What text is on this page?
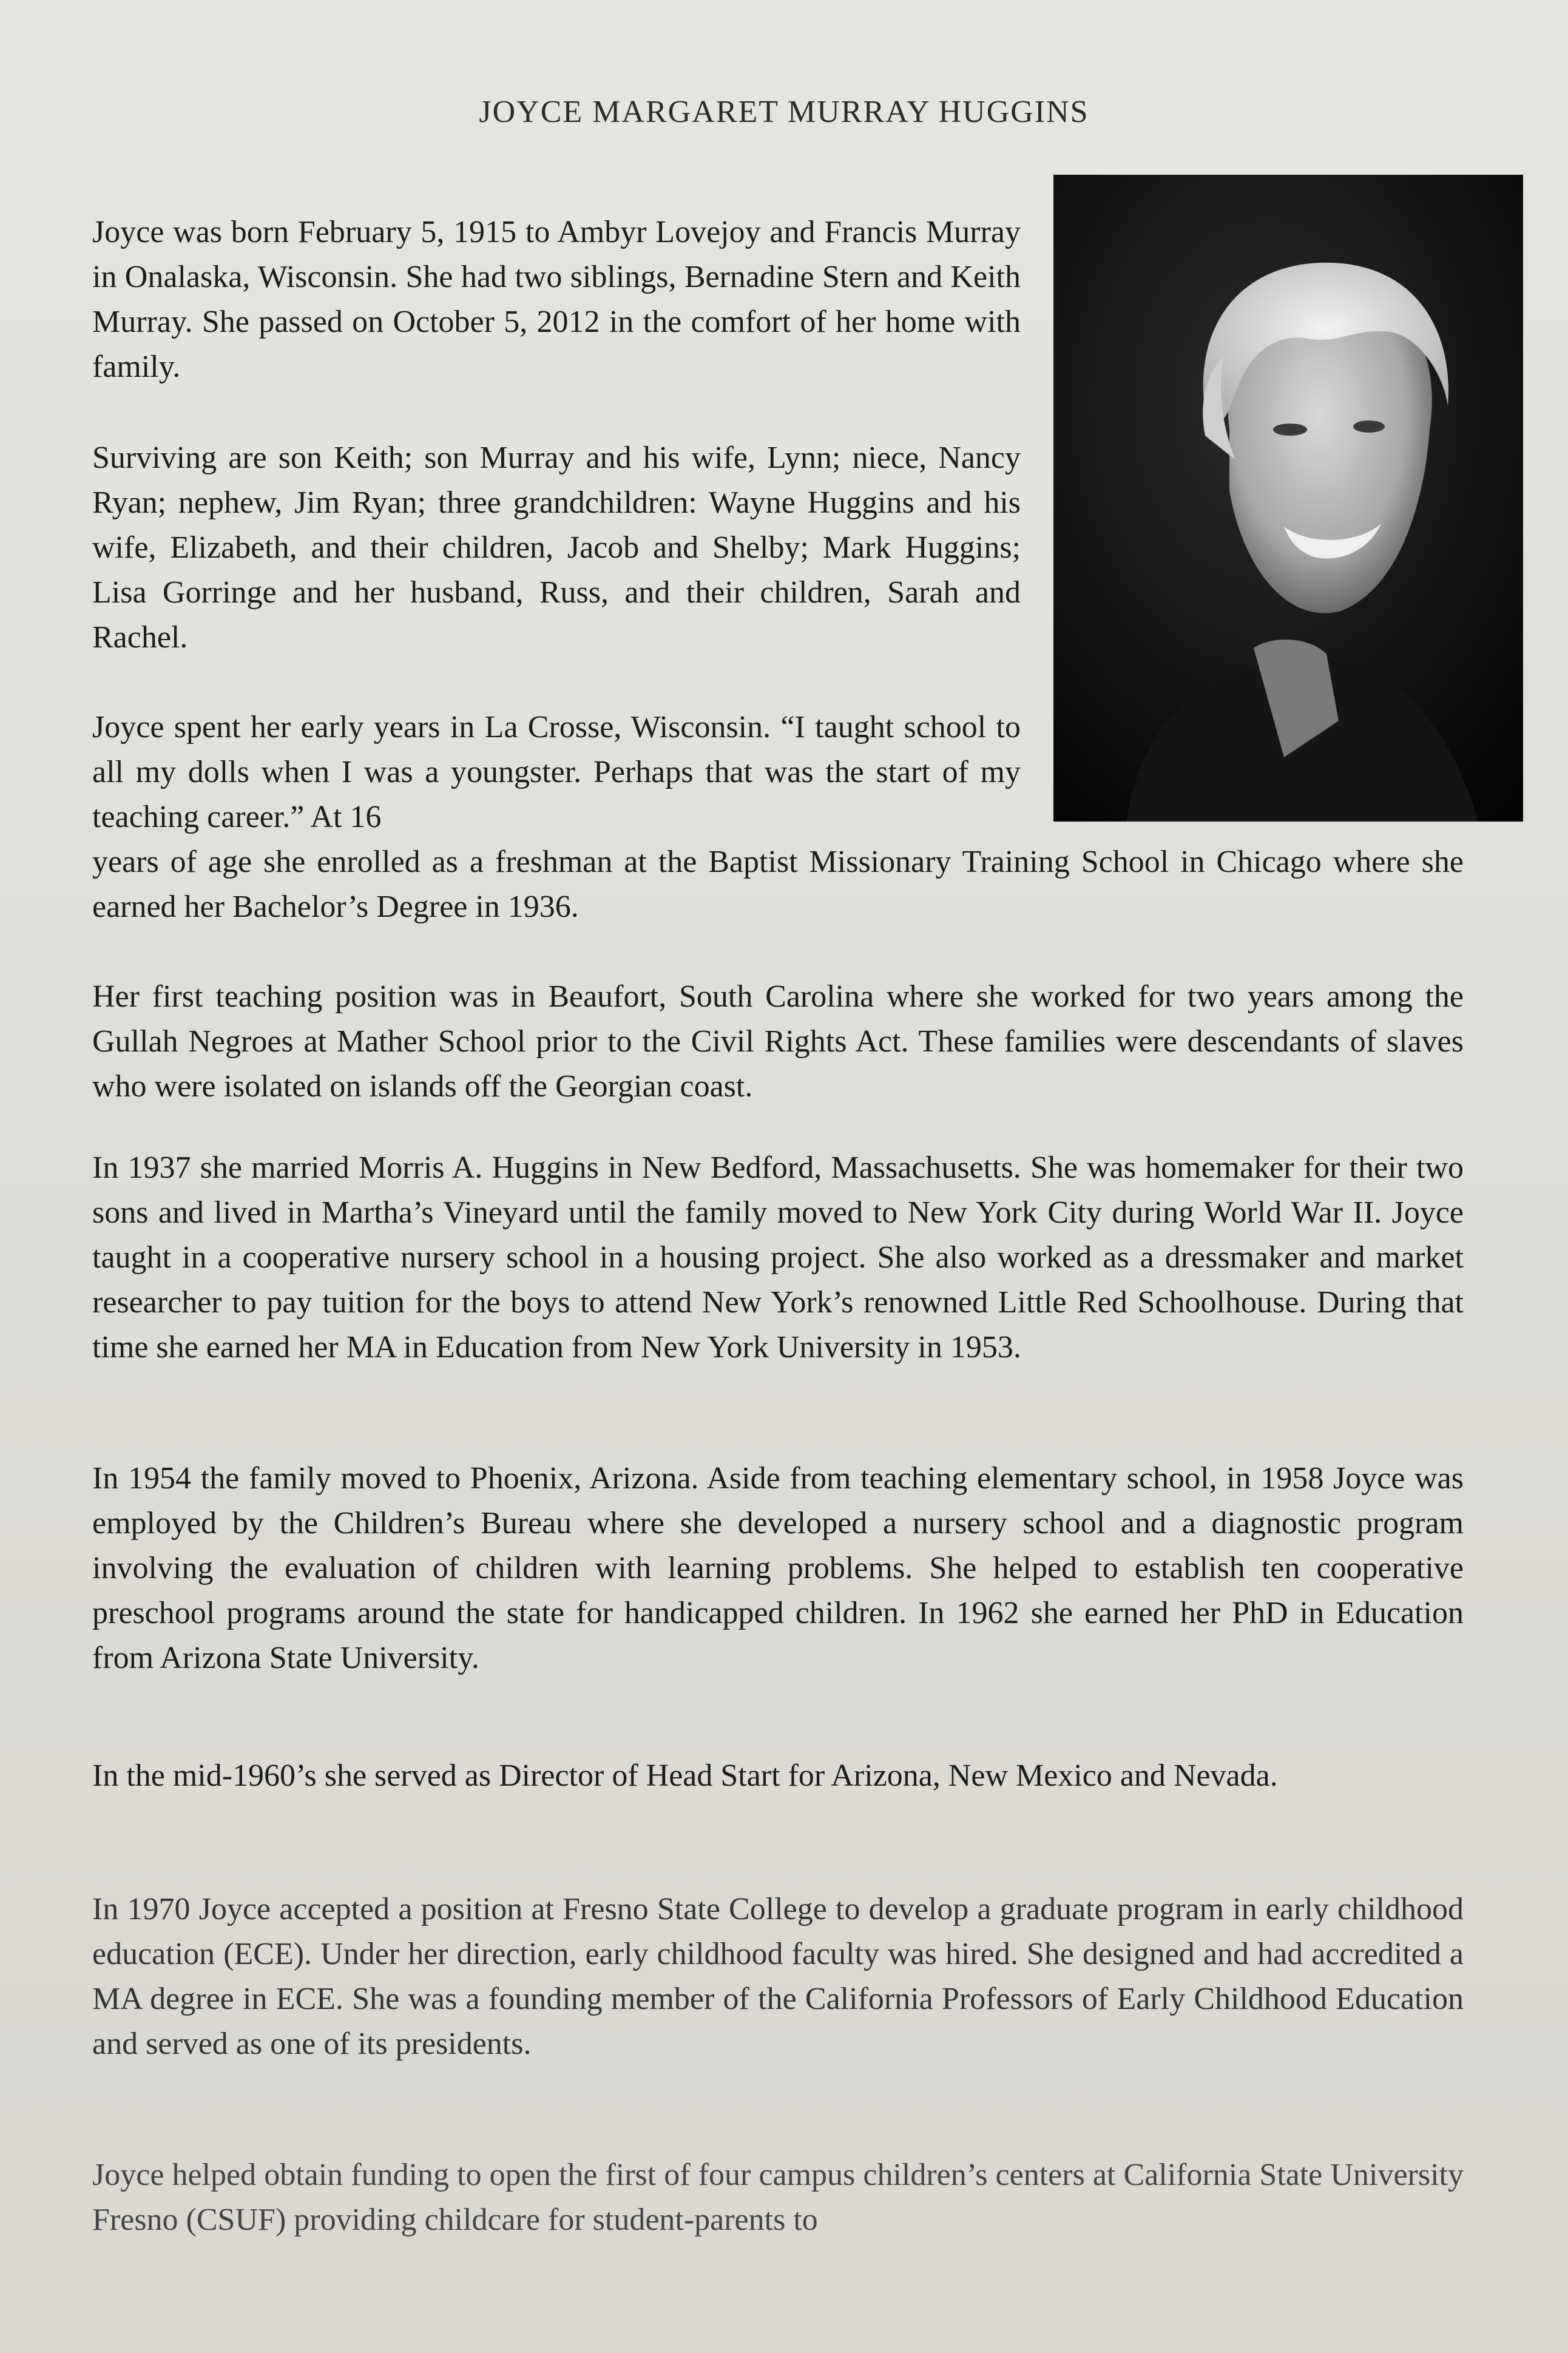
JOYCE MARGARET MURRAY HUGGINS

Joyce was born February 5, 1915 to Ambyr Lovejoy and Francis Murray in Onalaska, Wisconsin. She had two siblings, Bernadine Stern and Keith Murray. She passed on October 5, 2012 in the comfort of her home with family.

Surviving are son Keith; son Murray and his wife, Lynn; niece, Nancy Ryan; nephew, Jim Ryan; three grandchildren: Wayne Huggins and his wife, Elizabeth, and their children, Jacob and Shelby; Mark Huggins; Lisa Gorringe and her husband, Russ, and their children, Sarah and Rachel.

Joyce spent her early years in La Crosse, Wisconsin. “I taught school to all my dolls when I was a youngster. Perhaps that was the start of my teaching career.” At 16

years of age she enrolled as a freshman at the Baptist Missionary Training School in Chicago where she earned her Bachelor’s Degree in 1936.

Her first teaching position was in Beaufort, South Carolina where she worked for two years among the Gullah Negroes at Mather School prior to the Civil Rights Act. These families were descendants of slaves who were isolated on islands off the Georgian coast.

In 1937 she married Morris A. Huggins in New Bedford, Massachusetts. She was homemaker for their two sons and lived in Martha’s Vineyard until the family moved to New York City during World War II. Joyce taught in a cooperative nursery school in a housing project. She also worked as a dressmaker and market researcher to pay tuition for the boys to attend New York’s renowned Little Red Schoolhouse. During that time she earned her MA in Education from New York University in 1953.

In 1954 the family moved to Phoenix, Arizona. Aside from teaching elementary school, in 1958 Joyce was employed by the Children’s Bureau where she developed a nursery school and a diagnostic program involving the evaluation of children with learning problems. She helped to establish ten cooperative preschool programs around the state for handicapped children. In 1962 she earned her PhD in Education from Arizona State University.

In the mid-1960’s she served as Director of Head Start for Arizona, New Mexico and Nevada.

In 1970 Joyce accepted a position at Fresno State College to develop a graduate program in early childhood education (ECE). Under her direction, early childhood faculty was hired. She designed and had accredited a MA degree in ECE. She was a founding member of the California Professors of Early Childhood Education and served as one of its presidents.

Joyce helped obtain funding to open the first of four campus children’s centers at California State University Fresno (CSUF) providing childcare for student-parents to
